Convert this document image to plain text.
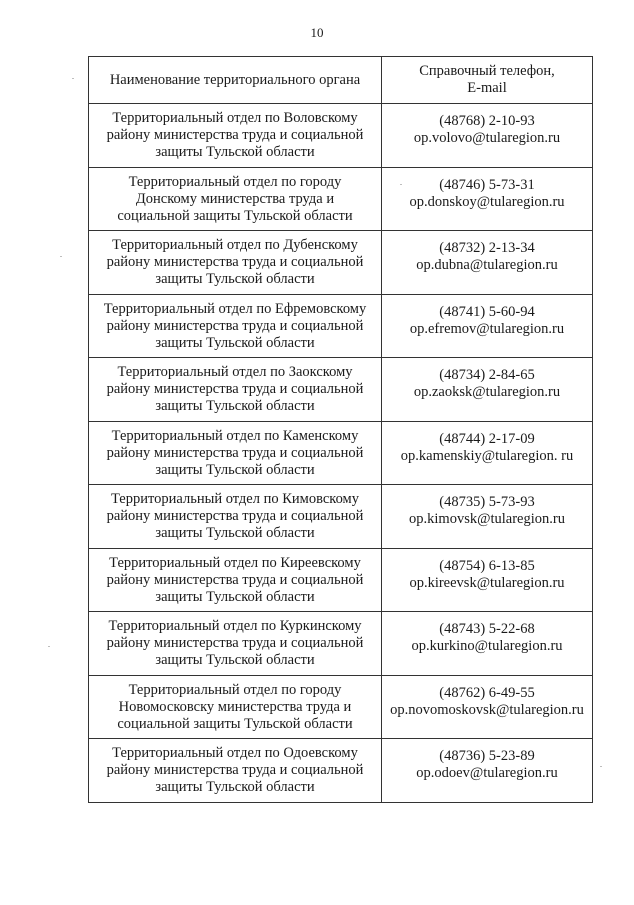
10
Наименование территориального органа	Справочный телефон,
E-mail

Территориальный отдел по Воловскому
району министерства труда и социальной
защиты Тульской области	(48768) 2-10-93
op.volovo@tularegion.ru

Территориальный отдел по городу
Донскому министерства труда и
социальной защиты Тульской области	(48746) 5-73-31
op.donskoy@tularegion.ru

Территориальный отдел по Дубенскому
району министерства труда и социальной
защиты Тульской области	(48732) 2-13-34
op.dubna@tularegion.ru

Территориальный отдел по Ефремовскому
району министерства труда и социальной
защиты Тульской области	(48741) 5-60-94
op.efremov@tularegion.ru

Территориальный отдел по Заокскому
району министерства труда и социальной
защиты Тульской области	(48734) 2-84-65
op.zaoksk@tularegion.ru

Территориальный отдел по Каменскому
району министерства труда и социальной
защиты Тульской области	(48744) 2-17-09
op.kamenskiy@tularegion. ru

Территориальный отдел по Кимовскому
району министерства труда и социальной
защиты Тульской области	(48735) 5-73-93
op.kimovsk@tularegion.ru

Территориальный отдел по Киреевскому
району министерства труда и социальной
защиты Тульской области	(48754) 6-13-85
op.kireevsk@tularegion.ru

Территориальный отдел по Куркинскому
району министерства труда и социальной
защиты Тульской области	(48743) 5-22-68
op.kurkino@tularegion.ru

Территориальный отдел по городу
Новомосковску министерства труда и
социальной защиты Тульской области	(48762) 6-49-55
op.novomoskovsk@tularegion.ru

Территориальный отдел по Одоевскому
району министерства труда и социальной
защиты Тульской области	(48736) 5-23-89
op.odoev@tularegion.ru
.
.
.
.
.
